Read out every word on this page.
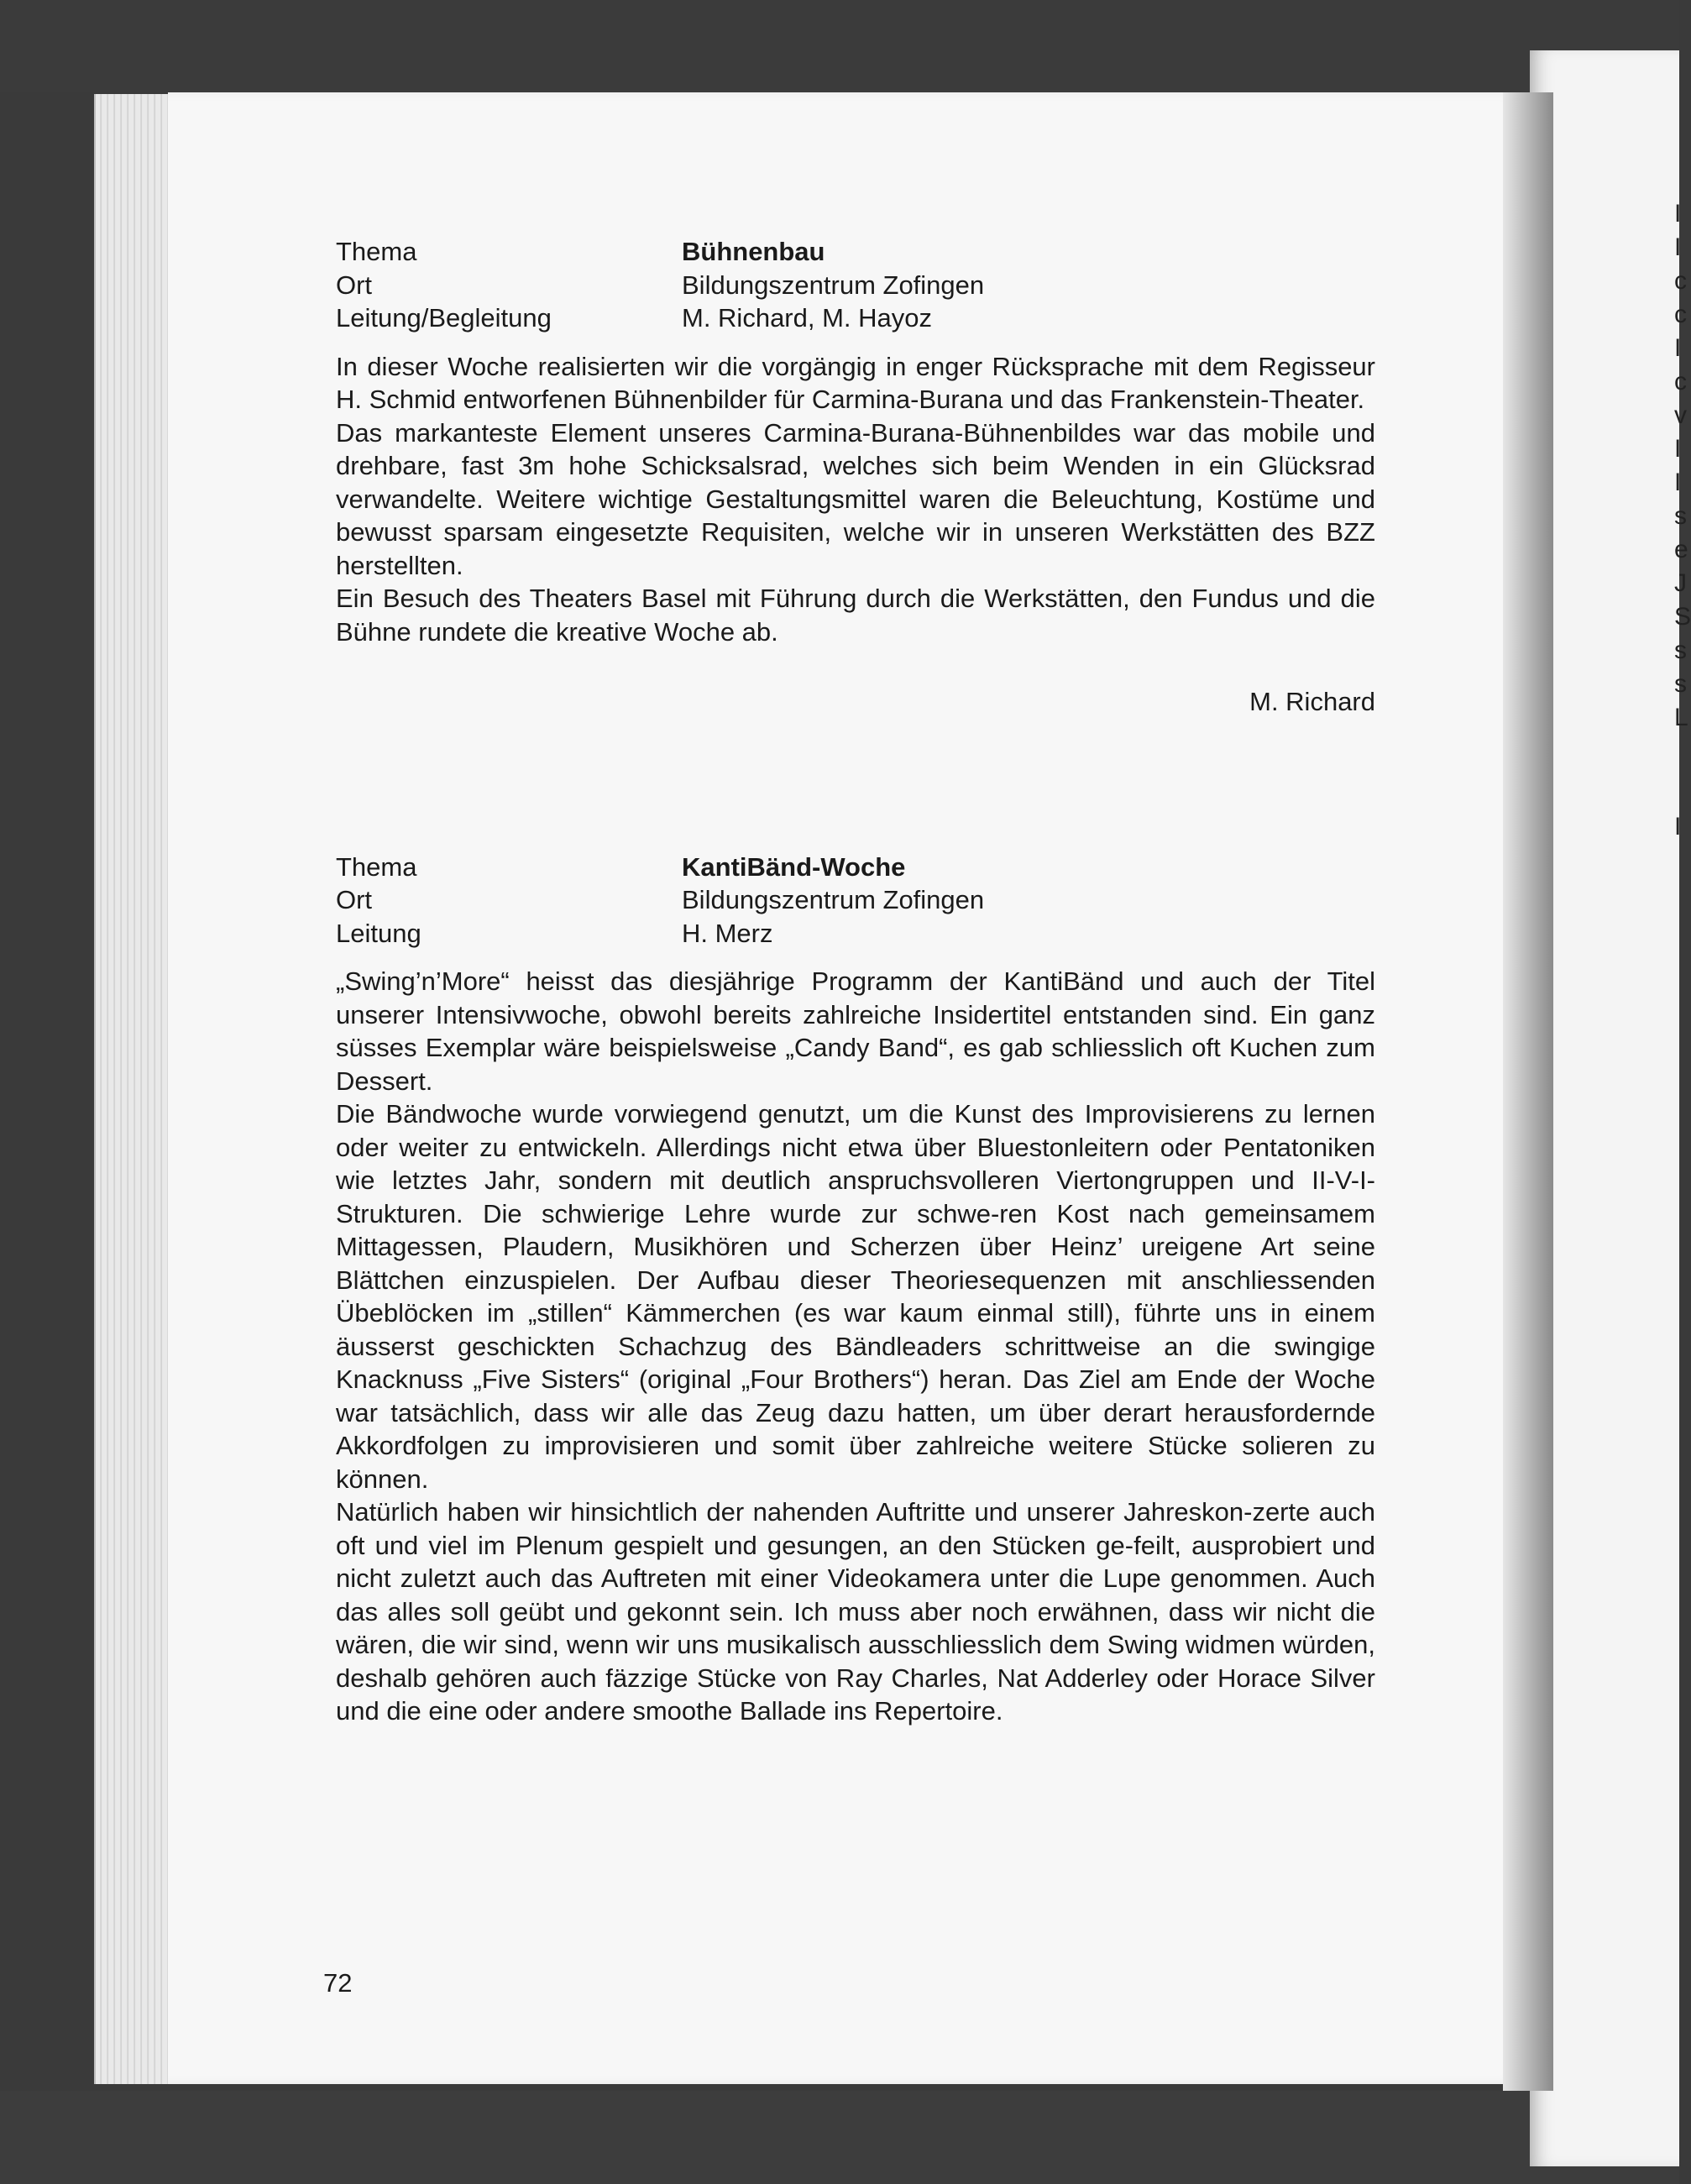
I
I
c
c
I
c
v
I
I
s
e
J
S
s
s
L
I
Thema	Bühnenbau
Ort	Bildungszentrum Zofingen
Leitung/Begleitung	M. Richard, M. Hayoz

In dieser Woche realisierten wir die vorgängig in enger Rücksprache mit dem Regisseur H. Schmid entworfenen Bühnenbilder für Carmina-Burana und das Frankenstein-Theater.

Das markanteste Element unseres Carmina-Burana-Bühnenbildes war das mobile und drehbare, fast 3m hohe Schicksalsrad, welches sich beim Wenden in ein Glücksrad verwandelte. Weitere wichtige Gestaltungsmittel waren die Beleuchtung, Kostüme und bewusst sparsam eingesetzte Requisiten, welche wir in unseren Werkstätten des BZZ herstellten.

Ein Besuch des Theaters Basel mit Führung durch die Werkstätten, den Fundus und die Bühne rundete die kreative Woche ab.

M. Richard
Thema	KantiBänd-Woche
Ort	Bildungszentrum Zofingen
Leitung	H. Merz

„Swing’n’More“ heisst das diesjährige Programm der KantiBänd und auch der Titel unserer Intensivwoche, obwohl bereits zahlreiche Insidertitel entstanden sind. Ein ganz süsses Exemplar wäre beispielsweise „Candy Band“, es gab schliesslich oft Kuchen zum Dessert.

Die Bändwoche wurde vorwiegend genutzt, um die Kunst des Improvisierens zu lernen oder weiter zu entwickeln. Allerdings nicht etwa über Bluestonleitern oder Pentatoniken wie letztes Jahr, sondern mit deutlich anspruchsvolleren Viertongruppen und II-V-I-Strukturen. Die schwierige Lehre wurde zur schwe-ren Kost nach gemeinsamem Mittagessen, Plaudern, Musikhören und Scherzen über Heinz’ ureigene Art seine Blättchen einzuspielen. Der Aufbau dieser Theoriesequenzen mit anschliessenden Übeblöcken im „stillen“ Kämmerchen (es war kaum einmal still), führte uns in einem äusserst geschickten Schachzug des Bändleaders schrittweise an die swingige Knacknuss „Five Sisters“ (original „Four Brothers“) heran. Das Ziel am Ende der Woche war tatsächlich, dass wir alle das Zeug dazu hatten, um über derart herausfordernde Akkordfolgen zu improvisieren und somit über zahlreiche weitere Stücke solieren zu können.

Natürlich haben wir hinsichtlich der nahenden Auftritte und unserer Jahreskon-zerte auch oft und viel im Plenum gespielt und gesungen, an den Stücken ge-feilt, ausprobiert und nicht zuletzt auch das Auftreten mit einer Videokamera unter die Lupe genommen. Auch das alles soll geübt und gekonnt sein. Ich muss aber noch erwähnen, dass wir nicht die wären, die wir sind, wenn wir uns musikalisch ausschliesslich dem Swing widmen würden, deshalb gehören auch fäzzige Stücke von Ray Charles, Nat Adderley oder Horace Silver und die eine oder andere smoothe Ballade ins Repertoire.

72
